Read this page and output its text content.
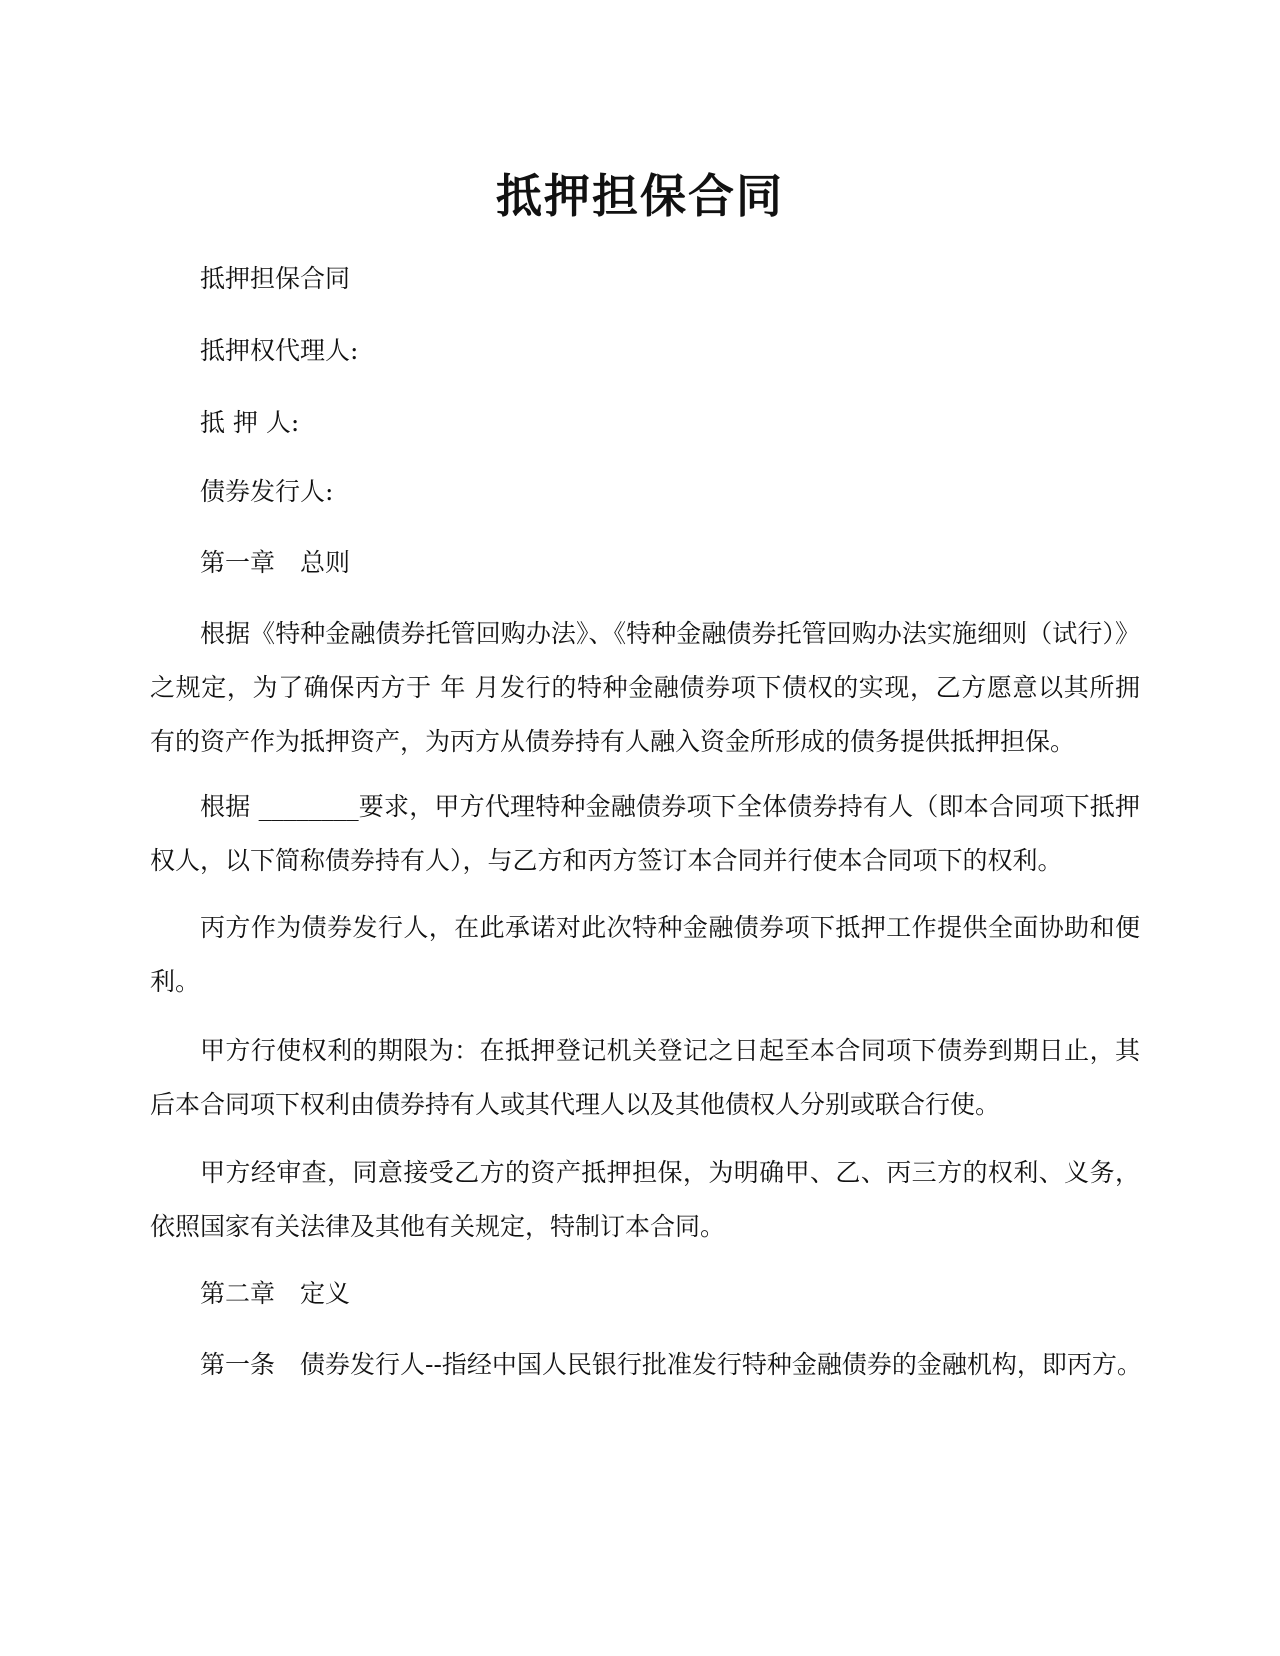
抵押担保合同

抵押担保合同

抵押权代理人:

抵 押 人:

债券发行人:

第一章　总则

根据《特种金融债券托管回购办法》、《特种金融债券托管回购办法实施细则（试行）》之规定，为了确保丙方于 年 月发行的特种金融债券项下债权的实现，乙方愿意以其所拥有的资产作为抵押资产，为丙方从债券持有人融入资金所形成的债务提供抵押担保。

根据 ________要求，甲方代理特种金融债券项下全体债券持有人（即本合同项下抵押权人，以下简称债券持有人），与乙方和丙方签订本合同并行使本合同项下的权利。

丙方作为债券发行人，在此承诺对此次特种金融债券项下抵押工作提供全面协助和便利。

甲方行使权利的期限为：在抵押登记机关登记之日起至本合同项下债券到期日止，其后本合同项下权利由债券持有人或其代理人以及其他债权人分别或联合行使。

甲方经审查，同意接受乙方的资产抵押担保，为明确甲、乙、丙三方的权利、义务，依照国家有关法律及其他有关规定，特制订本合同。

第二章　定义

第一条　债券发行人--指经中国人民银行批准发行特种金融债券的金融机构，即丙方。
